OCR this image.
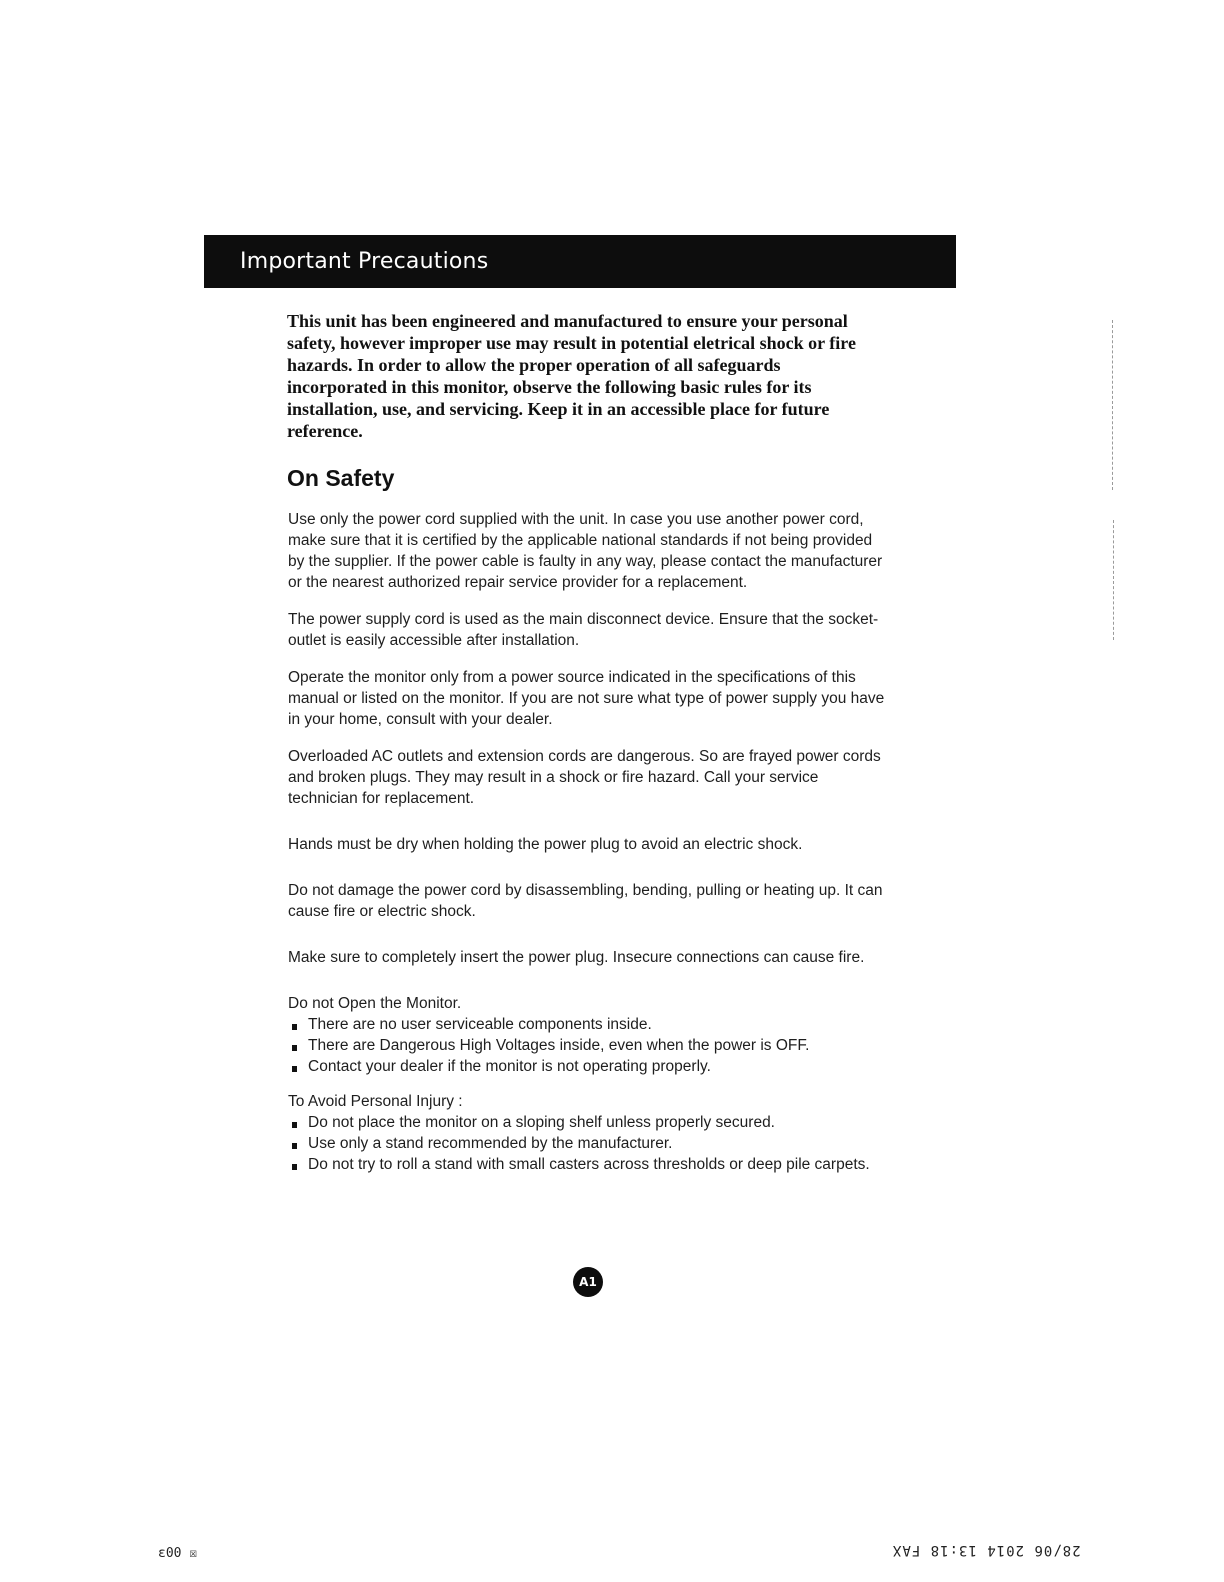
Important Precautions
This unit has been engineered and manufactured to ensure your personal safety, however improper use may result in potential eletrical shock or fire hazards. In order to allow the proper operation of all safeguards incorporated in this monitor, observe the following basic rules for its installation, use, and servicing. Keep it in an accessible place for future reference.
On Safety

Use only the power cord supplied with the unit. In case you use another power cord, make sure that it is certified by the applicable national standards if not being provided by the supplier. If the power cable is faulty in any way, please contact the manufacturer or the nearest authorized repair service provider for a replacement.

The power supply cord is used as the main disconnect device. Ensure that the socket-outlet is easily accessible after installation.

Operate the monitor only from a power source indicated in the specifications of this manual or listed on the monitor. If you are not sure what type of power supply you have in your home, consult with your dealer.

Overloaded AC outlets and extension cords are dangerous. So are frayed power cords and broken plugs. They may result in a shock or fire hazard. Call your service technician for replacement.

Hands must be dry when holding the power plug to avoid an electric shock.

Do not damage the power cord by disassembling, bending, pulling or heating up. It can cause fire or electric shock.

Make sure to completely insert the power plug. Insecure connections can cause fire.

Do not Open the Monitor.

There are no user serviceable components inside.
There are Dangerous High Voltages inside, even when the power is OFF.
Contact your dealer if the monitor is not operating properly.

To Avoid Personal Injury :

Do not place the monitor on a sloping shelf unless properly secured.
Use only a stand recommended by the manufacturer.
Do not try to roll a stand with small casters across thresholds or deep pile carpets.
A1
ε00 ☒	28/06 2014 13:18 FAX
